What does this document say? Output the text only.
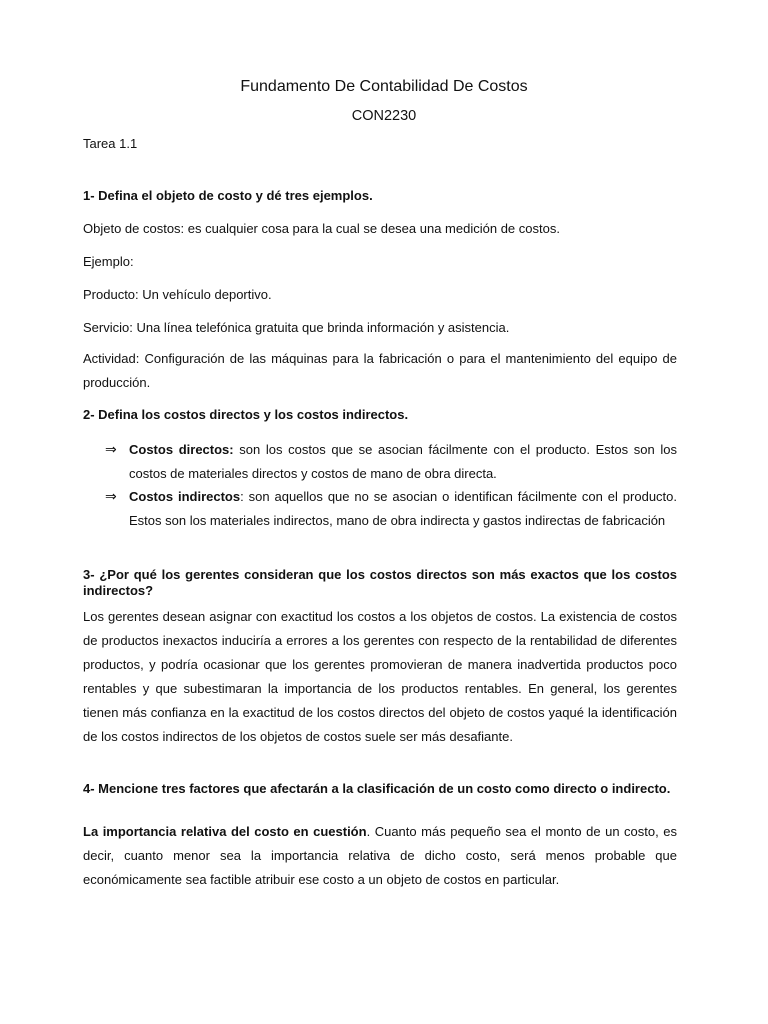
Fundamento De Contabilidad De Costos
CON2230
Tarea 1.1
1- Defina el objeto de costo y dé tres ejemplos.
Objeto de costos: es cualquier cosa para la cual se desea una medición de costos.
Ejemplo:
Producto: Un vehículo deportivo.
Servicio: Una línea telefónica gratuita que brinda información y asistencia.
Actividad: Configuración de las máquinas para la fabricación o para el mantenimiento del equipo de producción.
2- Defina los costos directos y los costos indirectos.
⇒ Costos directos: son los costos que se asocian fácilmente con el producto. Estos son los costos de materiales directos y costos de mano de obra directa.
⇒ Costos indirectos: son aquellos que no se asocian o identifican fácilmente con el producto. Estos son los materiales indirectos, mano de obra indirecta y gastos indirectas de fabricación
3- ¿Por qué los gerentes consideran que los costos directos son más exactos que los costos indirectos?
Los gerentes desean asignar con exactitud los costos a los objetos de costos. La existencia de costos de productos inexactos induciría a errores a los gerentes con respecto de la rentabilidad de diferentes productos, y podría ocasionar que los gerentes promovieran de manera inadvertida productos poco rentables y que subestimaran la importancia de los productos rentables. En general, los gerentes tienen más confianza en la exactitud de los costos directos del objeto de costos yaqué la identificación de los costos indirectos de los objetos de costos suele ser más desafiante.
4- Mencione tres factores que afectarán a la clasificación de un costo como directo o indirecto.
La importancia relativa del costo en cuestión. Cuanto más pequeño sea el monto de un costo, es decir, cuanto menor sea la importancia relativa de dicho costo, será menos probable que económicamente sea factible atribuir ese costo a un objeto de costos en particular.
